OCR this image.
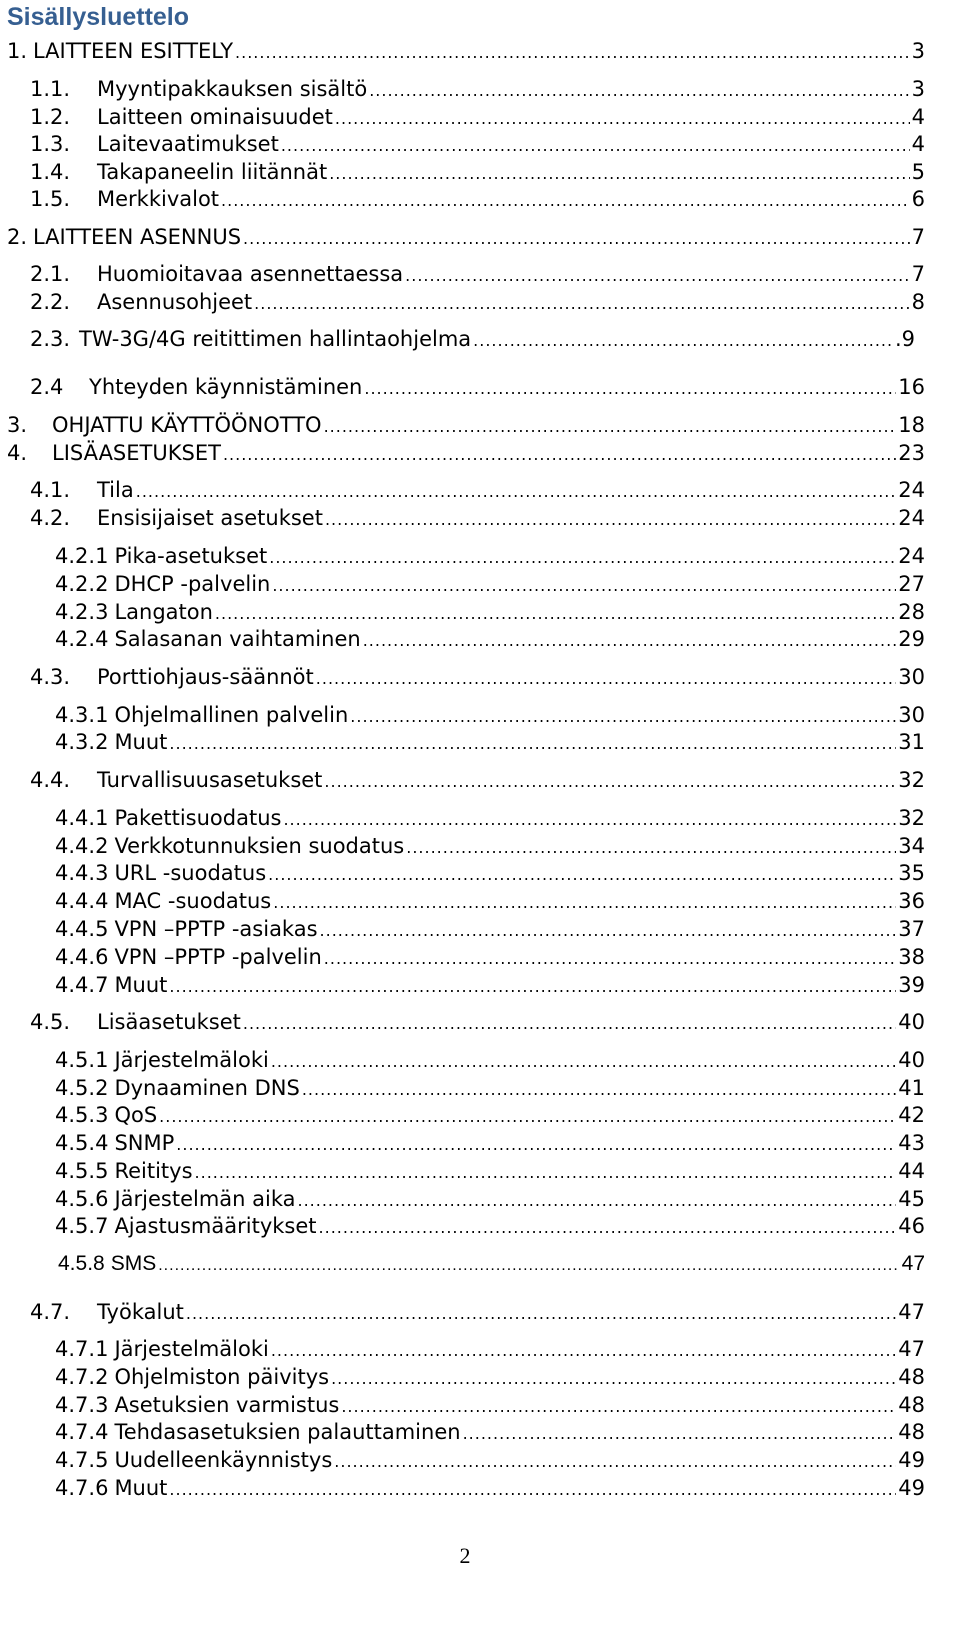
Sisällysluettelo
1. LAITTEEN ESITTELY .....	3
1.1.	Myyntipakkauksen sisältö .....	3
1.2.	Laitteen ominaisuudet .....	4
1.3.	Laitevaatimukset .....	4
1.4.	Takapaneelin liitännät .....	5
1.5.	Merkkivalot .....	6
2. LAITTEEN ASENNUS .....	7
2.1.	Huomioitavaa asennettaessa .....	7
2.2.	Asennusohjeet .....	8
2.3. TW-3G/4G reitittimen hallintaohjelma .....	.9
2.4	Yhteyden käynnistäminen .....	16
3.	OHJATTU KÄYTTÖÖNOTTO .....	18
4.	LISÄASETUKSET .....	23
4.1.	Tila .....	24
4.2.	Ensisijaiset asetukset .....	24
4.2.1 Pika-asetukset .....	24
4.2.2 DHCP -palvelin .....	27
4.2.3 Langaton .....	28
4.2.4 Salasanan vaihtaminen .....	29
4.3.	Porttiohjaus-säännöt .....	30
4.3.1 Ohjelmallinen palvelin .....	30
4.3.2 Muut .....	31
4.4.	Turvallisuusasetukset .....	32
4.4.1 Pakettisuodatus .....	32
4.4.2 Verkkotunnuksien suodatus .....	34
4.4.3 URL -suodatus .....	35
4.4.4 MAC -suodatus .....	36
4.4.5 VPN –PPTP -asiakas .....	37
4.4.6 VPN –PPTP -palvelin .....	38
4.4.7 Muut .....	39
4.5.	Lisäasetukset .....	40
4.5.1 Järjestelmäloki .....	40
4.5.2 Dynaaminen DNS .....	41
4.5.3 QoS .....	42
4.5.4 SNMP .....	43
4.5.5 Reititys .....	44
4.5.6 Järjestelmän aika .....	45
4.5.7 Ajastusmääritykset .....	46
4.5.8 SMS .....	47
4.7.	Työkalut .....	47
4.7.1 Järjestelmäloki .....	47
4.7.2 Ohjelmiston päivitys .....	48
4.7.3 Asetuksien varmistus .....	48
4.7.4 Tehdasasetuksien palauttaminen .....	48
4.7.5 Uudelleenkäynnistys .....	49
4.7.6 Muut .....	49
2
